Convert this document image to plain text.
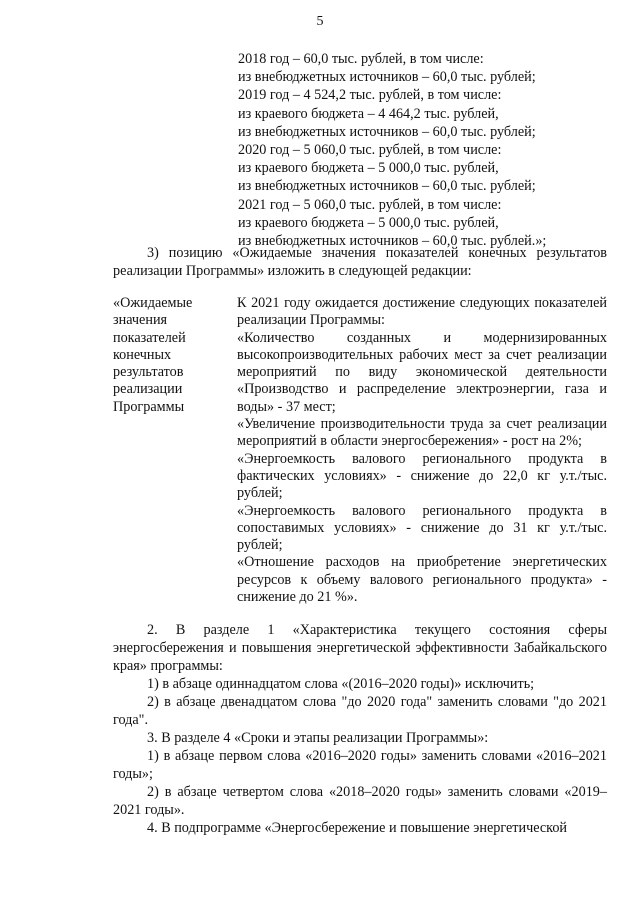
5
2018 год – 60,0 тыс. рублей, в том числе:
из внебюджетных источников – 60,0 тыс. рублей;
2019 год – 4 524,2 тыс. рублей, в том числе:
из краевого бюджета – 4 464,2 тыс. рублей,
из внебюджетных источников – 60,0 тыс. рублей;
2020 год – 5 060,0 тыс. рублей, в том числе:
из краевого бюджета – 5 000,0 тыс. рублей,
из внебюджетных источников – 60,0 тыс. рублей;
2021 год – 5 060,0 тыс. рублей, в том числе:
из краевого бюджета – 5 000,0 тыс. рублей,
из внебюджетных источников – 60,0 тыс. рублей.»;
3) позицию «Ожидаемые значения показателей конечных результатов реализации Программы» изложить в следующей редакции:
«Ожидаемые значения показателей конечных результатов реализации Программы
К 2021 году ожидается достижение следующих показателей реализации Программы:
«Количество созданных и модернизированных высокопроизводительных рабочих мест за счет реализации мероприятий по виду экономической деятельности «Производство и распределение электроэнергии, газа и воды» - 37 мест;
«Увеличение производительности труда за счет реализации мероприятий в области энергосбережения» - рост на 2%;
«Энергоемкость валового регионального продукта в фактических условиях» - снижение до 22,0 кг у.т./тыс. рублей;
«Энергоемкость валового регионального продукта в сопоставимых условиях» - снижение до 31 кг у.т./тыс. рублей;
«Отношение расходов на приобретение энергетических ресурсов к объему валового регионального продукта» - снижение до 21 %».
2. В разделе 1 «Характеристика текущего состояния сферы энергосбережения и повышения энергетической эффективности Забайкальского края» программы:
1) в абзаце одиннадцатом слова «(2016–2020 годы)» исключить;
2) в абзаце двенадцатом слова "до 2020 года" заменить словами "до 2021 года".
3. В разделе 4 «Сроки и этапы реализации Программы»:
1) в абзаце первом слова «2016–2020 годы» заменить словами «2016–2021 годы»;
2) в абзаце четвертом слова «2018–2020 годы» заменить словами «2019–2021 годы».
4. В подпрограмме «Энергосбережение и повышение энергетической
